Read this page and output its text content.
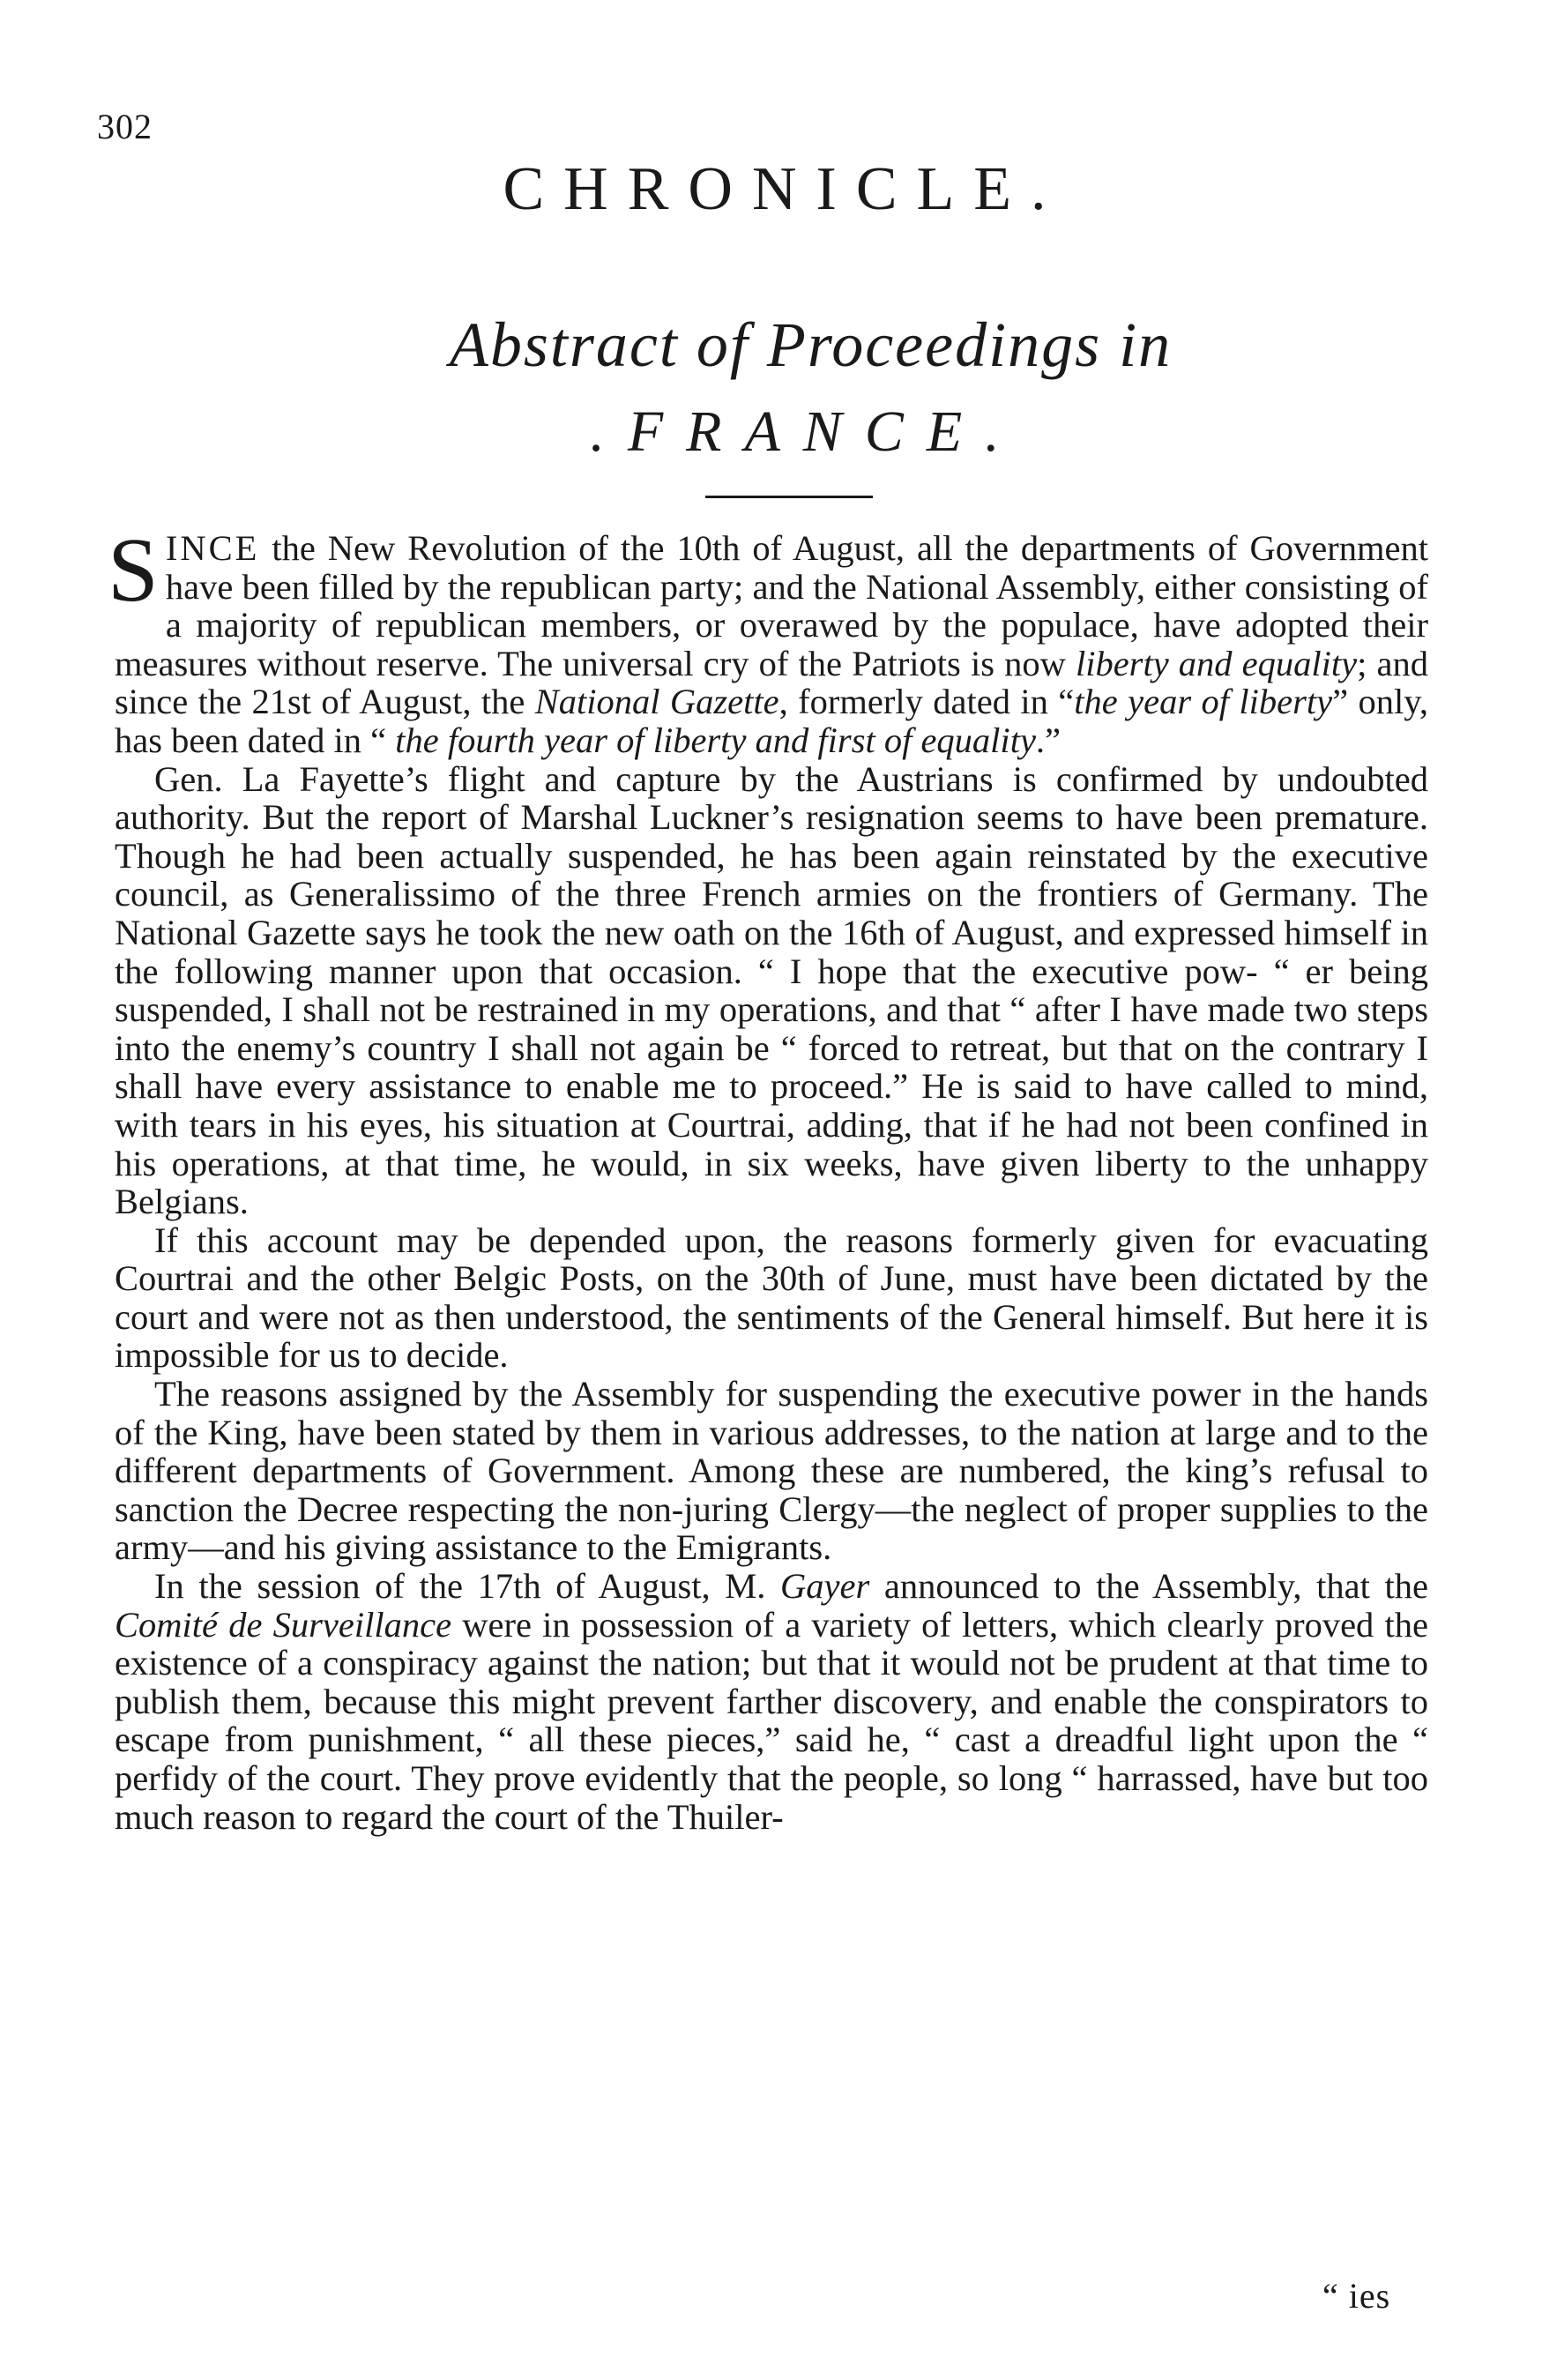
302
CHRONICLE.
Abstract of Proceedings in
.FRANCE.

SINCE the New Revolution of the 10th of August, all the departments of Government have been filled by the republican party; and the National Assembly, either consisting of a majority of republican members, or overawed by the populace, have adopted their measures without reserve. The universal cry of the Patriots is now liberty and equality; and since the 21st of August, the National Gazette, formerly dated in “the year of liberty” only, has been dated in “ the fourth year of liberty and first of equality.”

Gen. La Fayette’s flight and capture by the Austrians is confirmed by undoubted authority. But the report of Marshal Luckner’s resignation seems to have been premature. Though he had been actually suspended, he has been again reinstated by the executive council, as Generalissimo of the three French armies on the frontiers of Germany. The National Gazette says he took the new oath on the 16th of August, and expressed himself in the following manner upon that occasion. “ I hope that the executive pow- “ er being suspended, I shall not be restrained in my operations, and that “ after I have made two steps into the enemy’s country I shall not again be “ forced to retreat, but that on the contrary I shall have every assistance to enable me to proceed.” He is said to have called to mind, with tears in his eyes, his situation at Courtrai, adding, that if he had not been confined in his operations, at that time, he would, in six weeks, have given liberty to the unhappy Belgians.

If this account may be depended upon, the reasons formerly given for evacuating Courtrai and the other Belgic Posts, on the 30th of June, must have been dictated by the court and were not as then understood, the sentiments of the General himself. But here it is impossible for us to decide.

The reasons assigned by the Assembly for suspending the executive power in the hands of the King, have been stated by them in various addresses, to the nation at large and to the different departments of Government. Among these are numbered, the king’s refusal to sanction the Decree respecting the non-juring Clergy—the neglect of proper supplies to the army—and his giving assistance to the Emigrants.

In the session of the 17th of August, M. Gayer announced to the Assembly, that the Comité de Surveillance were in possession of a variety of letters, which clearly proved the existence of a conspiracy against the nation; but that it would not be prudent at that time to publish them, because this might prevent farther discovery, and enable the conspirators to escape from punishment, “ all these pieces,” said he, “ cast a dreadful light upon the “ perfidy of the court. They prove evidently that the people, so long “ harrassed, have but too much reason to regard the court of the Thuiler-

“ ies
